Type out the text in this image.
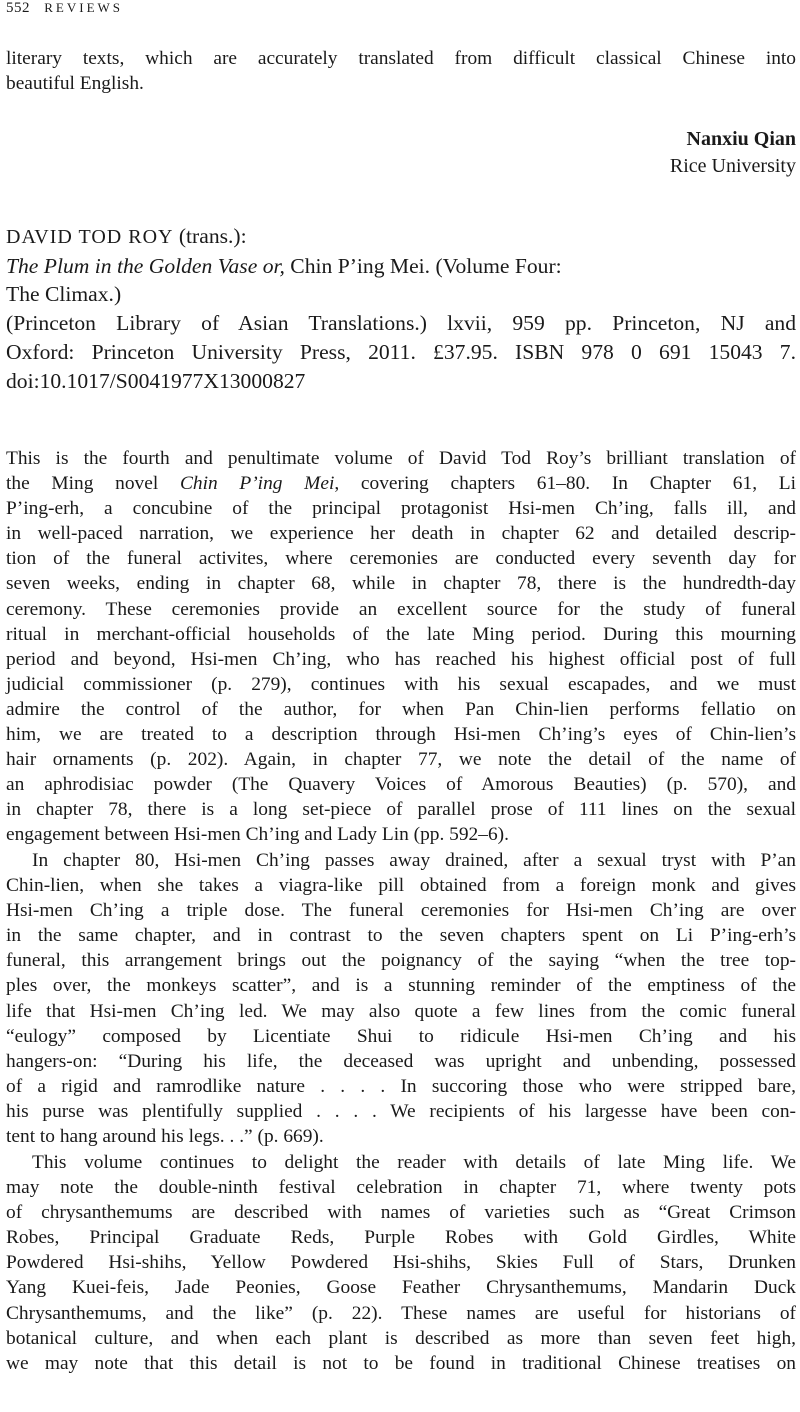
552 REVIEWS
literary texts, which are accurately translated from difficult classical Chinese into
beautiful English.
Nanxiu Qian
Rice University
DAVID TOD ROY (trans.):
The Plum in the Golden Vase or, Chin P’ing Mei. (Volume Four:
The Climax.)
(Princeton Library of Asian Translations.) lxvii, 959 pp. Princeton, NJ and
Oxford: Princeton University Press, 2011. £37.95. ISBN 978 0 691 15043 7.
doi:10.1017/S0041977X13000827
This is the fourth and penultimate volume of David Tod Roy’s brilliant translation of
the Ming novel Chin P’ing Mei, covering chapters 61–80. In Chapter 61, Li
P’ing-erh, a concubine of the principal protagonist Hsi-men Ch’ing, falls ill, and
in well-paced narration, we experience her death in chapter 62 and detailed descrip-
tion of the funeral activites, where ceremonies are conducted every seventh day for
seven weeks, ending in chapter 68, while in chapter 78, there is the hundredth-day
ceremony. These ceremonies provide an excellent source for the study of funeral
ritual in merchant-official households of the late Ming period. During this mourning
period and beyond, Hsi-men Ch’ing, who has reached his highest official post of full
judicial commissioner (p. 279), continues with his sexual escapades, and we must
admire the control of the author, for when Pan Chin-lien performs fellatio on
him, we are treated to a description through Hsi-men Ch’ing’s eyes of Chin-lien’s
hair ornaments (p. 202). Again, in chapter 77, we note the detail of the name of
an aphrodisiac powder (The Quavery Voices of Amorous Beauties) (p. 570), and
in chapter 78, there is a long set-piece of parallel prose of 111 lines on the sexual
engagement between Hsi-men Ch’ing and Lady Lin (pp. 592–6).
In chapter 80, Hsi-men Ch’ing passes away drained, after a sexual tryst with P’an
Chin-lien, when she takes a viagra-like pill obtained from a foreign monk and gives
Hsi-men Ch’ing a triple dose. The funeral ceremonies for Hsi-men Ch’ing are over
in the same chapter, and in contrast to the seven chapters spent on Li P’ing-erh’s
funeral, this arrangement brings out the poignancy of the saying “when the tree top-
ples over, the monkeys scatter”, and is a stunning reminder of the emptiness of the
life that Hsi-men Ch’ing led. We may also quote a few lines from the comic funeral
“eulogy” composed by Licentiate Shui to ridicule Hsi-men Ch’ing and his
hangers-on: “During his life, the deceased was upright and unbending, possessed
of a rigid and ramrodlike nature . . . . In succoring those who were stripped bare,
his purse was plentifully supplied . . . . We recipients of his largesse have been con-
tent to hang around his legs. . .” (p. 669).
This volume continues to delight the reader with details of late Ming life. We
may note the double-ninth festival celebration in chapter 71, where twenty pots
of chrysanthemums are described with names of varieties such as “Great Crimson
Robes, Principal Graduate Reds, Purple Robes with Gold Girdles, White
Powdered Hsi-shihs, Yellow Powdered Hsi-shihs, Skies Full of Stars, Drunken
Yang Kuei-feis, Jade Peonies, Goose Feather Chrysanthemums, Mandarin Duck
Chrysanthemums, and the like” (p. 22). These names are useful for historians of
botanical culture, and when each plant is described as more than seven feet high,
we may note that this detail is not to be found in traditional Chinese treatises on
